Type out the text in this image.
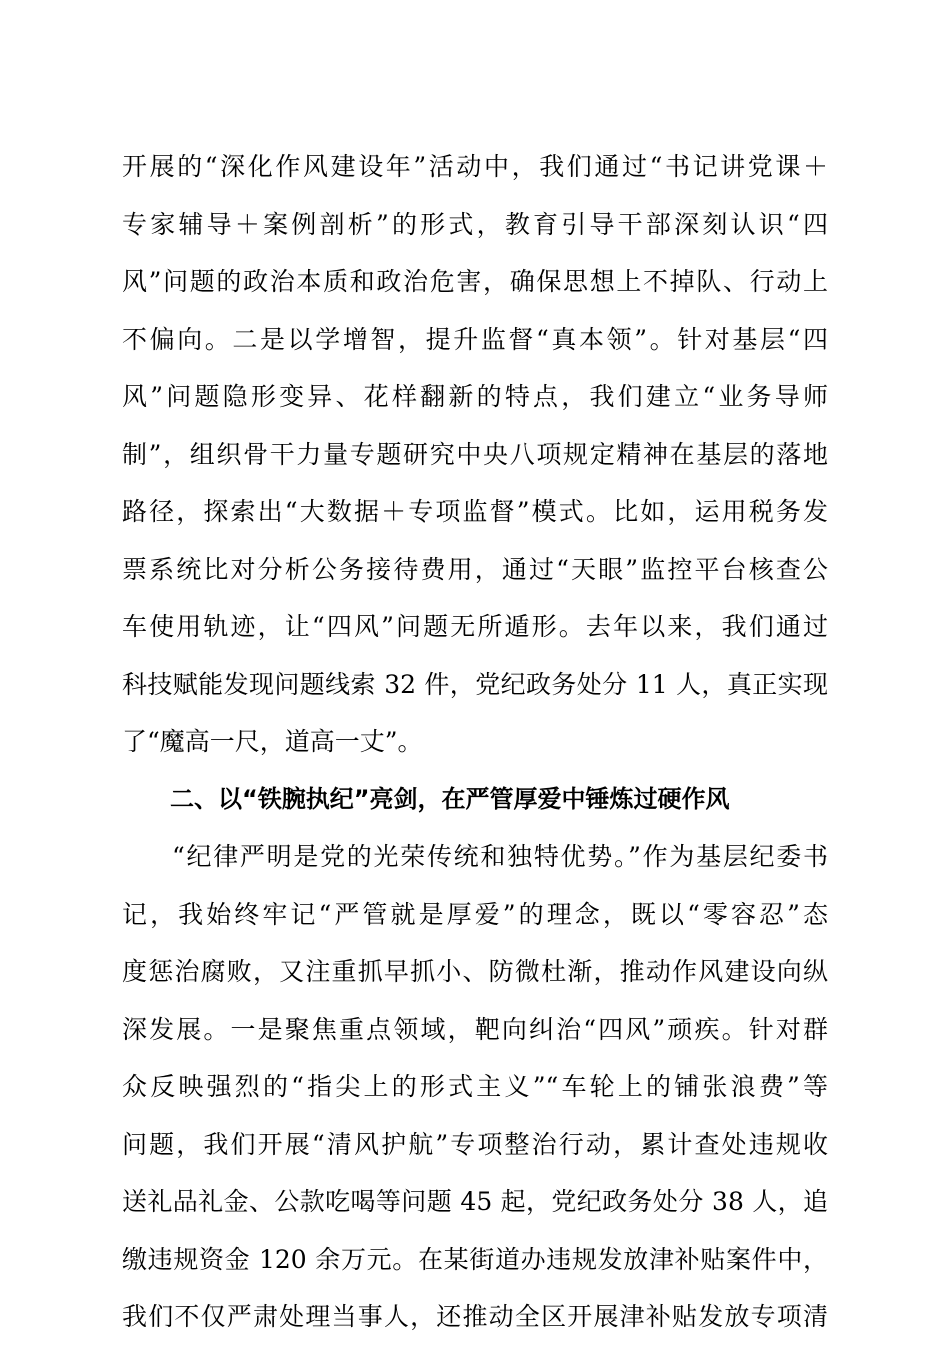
开展的“深化作风建设年”活动中，我们通过“书记讲党课＋
专家辅导＋案例剖析”的形式，教育引导干部深刻认识“四
风”问题的政治本质和政治危害，确保思想上不掉队、行动上
不偏向。二是以学增智，提升监督“真本领”。针对基层“四
风”问题隐形变异、花样翻新的特点，我们建立“业务导师
制”，组织骨干力量专题研究中央八项规定精神在基层的落地
路径，探索出“大数据＋专项监督”模式。比如，运用税务发
票系统比对分析公务接待费用，通过“天眼”监控平台核查公
车使用轨迹，让“四风”问题无所遁形。去年以来，我们通过
科技赋能发现问题线索 32 件，党纪政务处分 11 人，真正实现
了“魔高一尺，道高一丈”。
二、以“铁腕执纪”亮剑，在严管厚爱中锤炼过硬作风
“纪律严明是党的光荣传统和独特优势。”作为基层纪委书
记，我始终牢记“严管就是厚爱”的理念，既以“零容忍”态
度惩治腐败，又注重抓早抓小、防微杜渐，推动作风建设向纵
深发展。一是聚焦重点领域，靶向纠治“四风”顽疾。针对群
众反映强烈的“指尖上的形式主义”“车轮上的铺张浪费”等
问题，我们开展“清风护航”专项整治行动，累计查处违规收
送礼品礼金、公款吃喝等问题 45 起，党纪政务处分 38 人，追
缴违规资金 120 余万元。在某街道办违规发放津补贴案件中，
我们不仅严肃处理当事人，还推动全区开展津补贴发放专项清
